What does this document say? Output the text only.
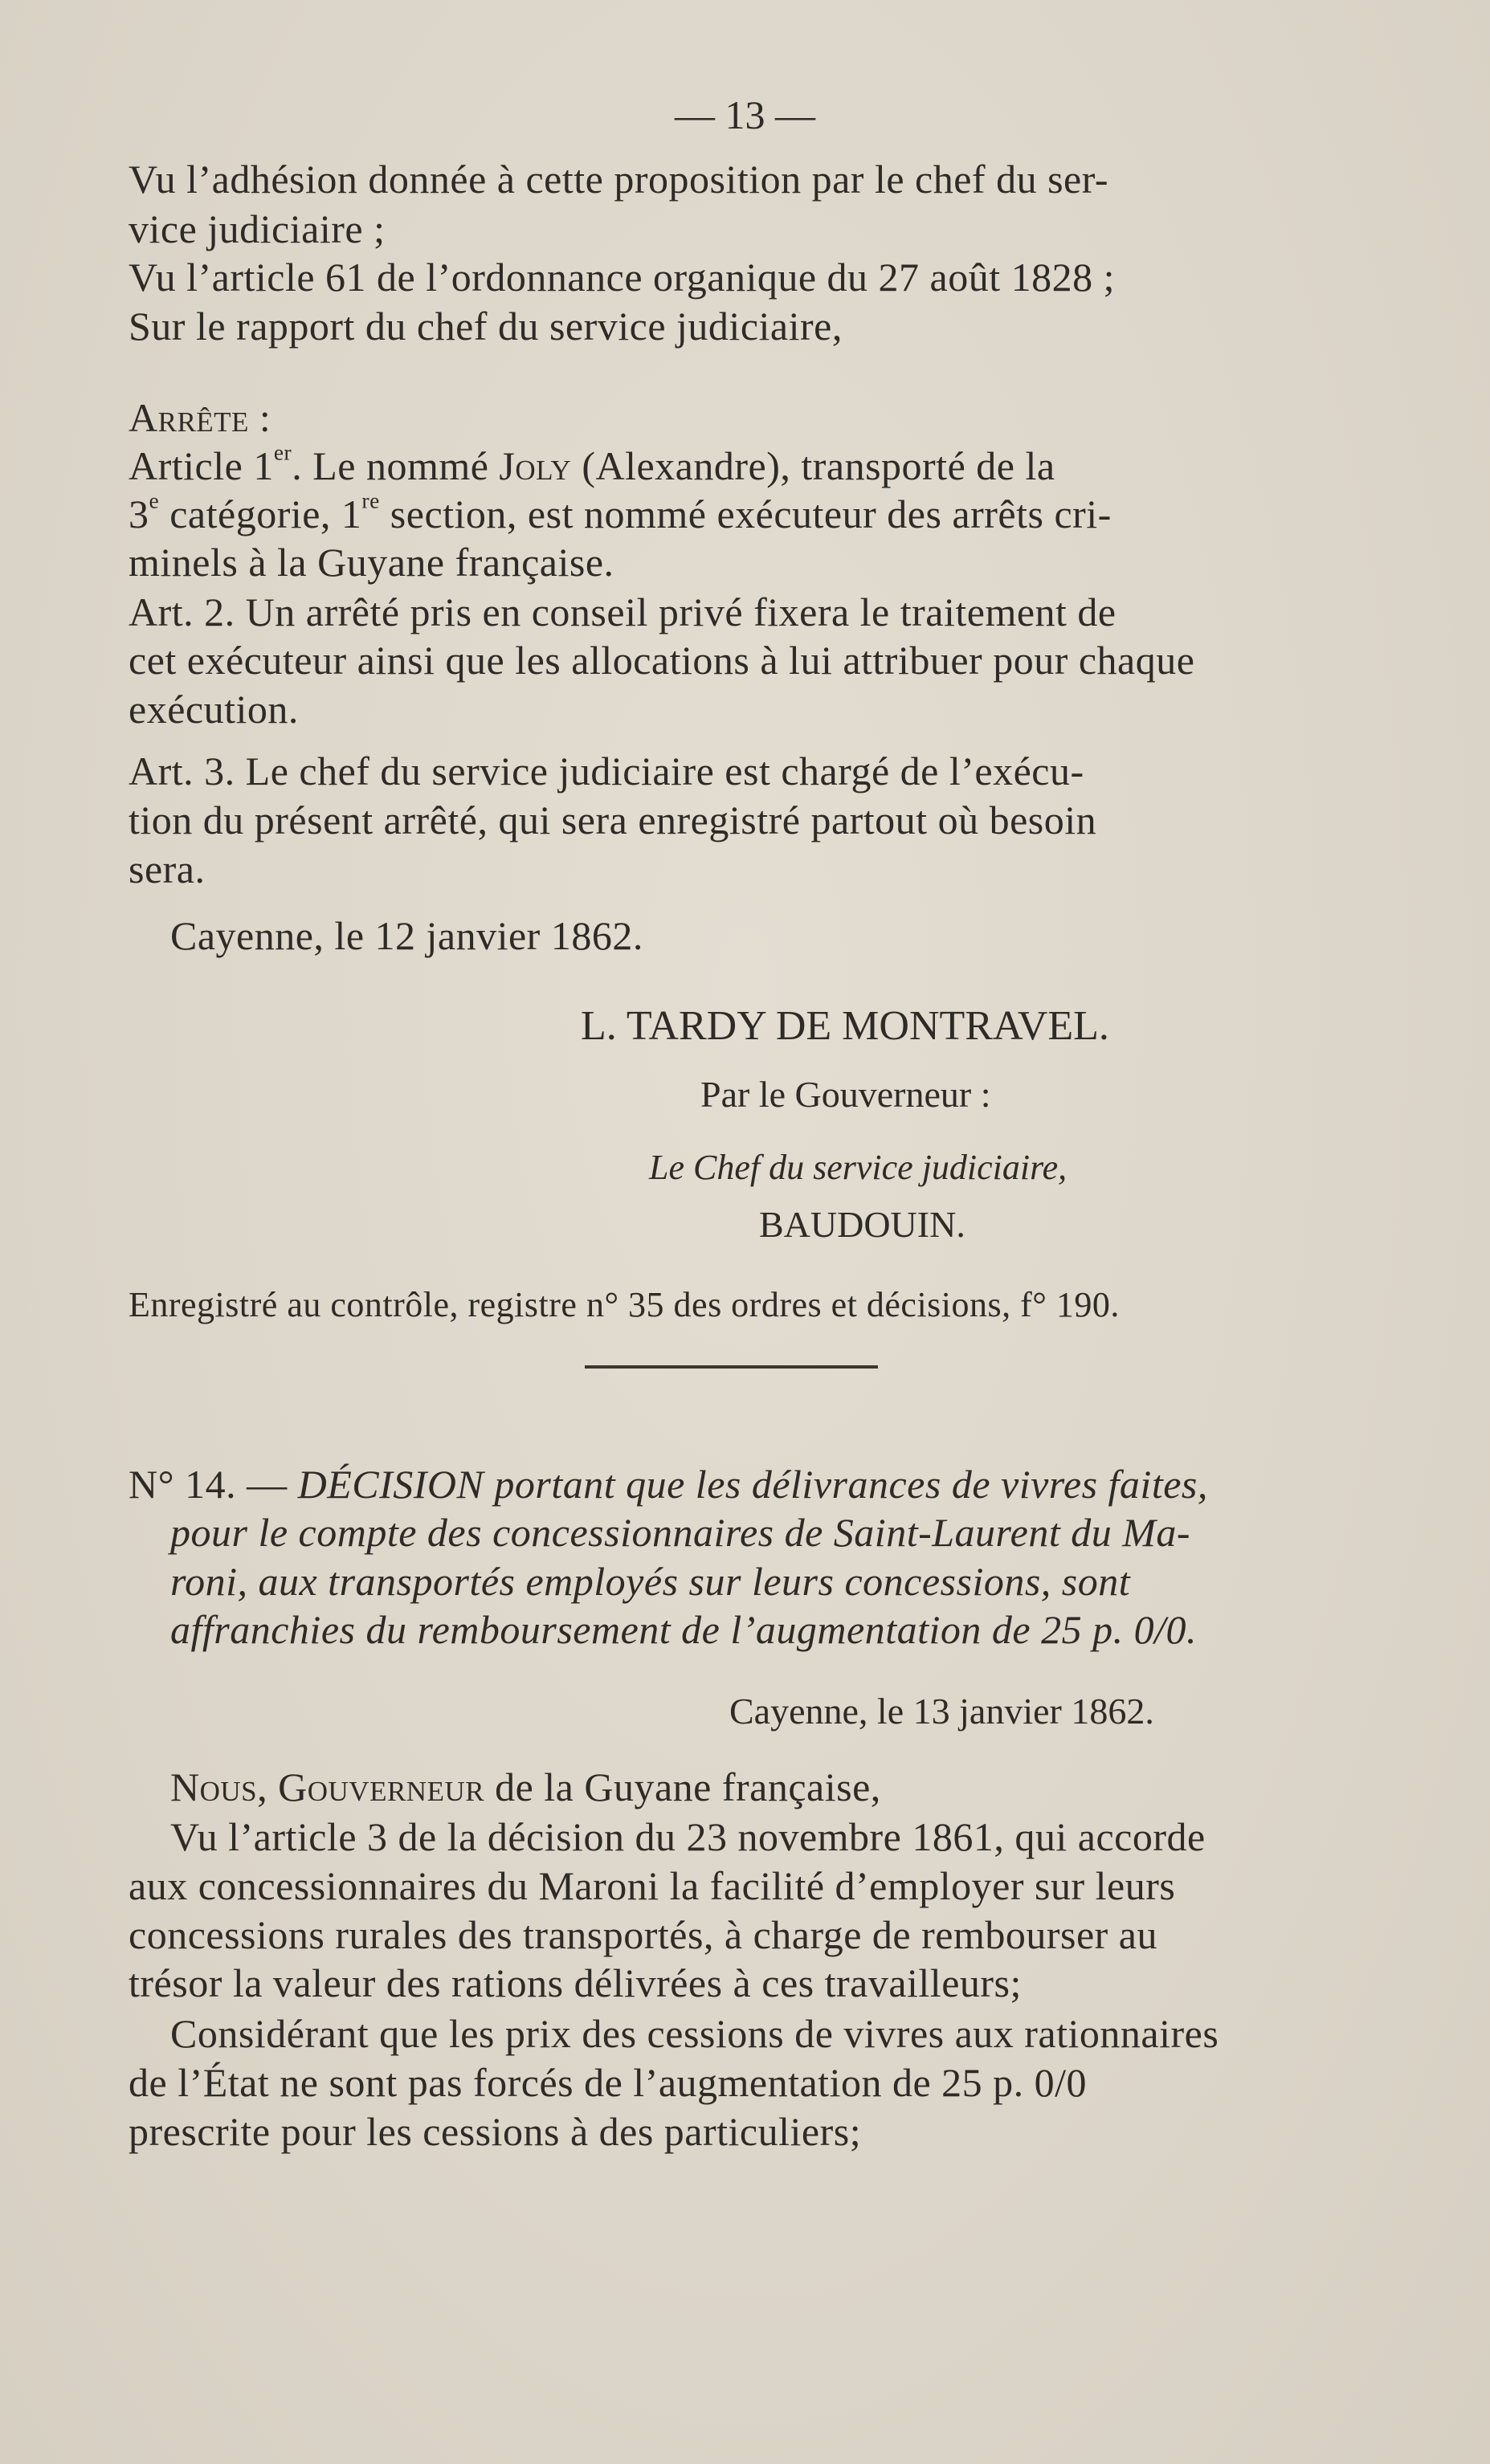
— 13 —
Vu l’adhésion donnée à cette proposition par le chef du ser-
vice judiciaire ;
Vu l’article 61 de l’ordonnance organique du 27 août 1828 ;
Sur le rapport du chef du service judiciaire,
Arrête :
Article 1er. Le nommé Joly (Alexandre), transporté de la
3e catégorie, 1re section, est nommé exécuteur des arrêts cri-
minels à la Guyane française.
Art. 2. Un arrêté pris en conseil privé fixera le traitement de
cet exécuteur ainsi que les allocations à lui attribuer pour chaque
exécution.
Art. 3. Le chef du service judiciaire est chargé de l’exécu-
tion du présent arrêté, qui sera enregistré partout où besoin
sera.
Cayenne, le 12 janvier 1862.
L. TARDY DE MONTRAVEL.
Par le Gouverneur :
Le Chef du service judiciaire,
BAUDOUIN.
Enregistré au contrôle, registre n° 35 des ordres et décisions, f° 190.
N° 14. — DÉCISION portant que les délivrances de vivres faites,
pour le compte des concessionnaires de Saint-Laurent du Ma-
roni, aux transportés employés sur leurs concessions, sont
affranchies du remboursement de l’augmentation de 25 p. 0/0.
Cayenne, le 13 janvier 1862.
Nous, Gouverneur de la Guyane française,
Vu l’article 3 de la décision du 23 novembre 1861, qui accorde
aux concessionnaires du Maroni la facilité d’employer sur leurs
concessions rurales des transportés, à charge de rembourser au
trésor la valeur des rations délivrées à ces travailleurs;
Considérant que les prix des cessions de vivres aux rationnaires
de l’État ne sont pas forcés de l’augmentation de 25 p. 0/0
prescrite pour les cessions à des particuliers;
